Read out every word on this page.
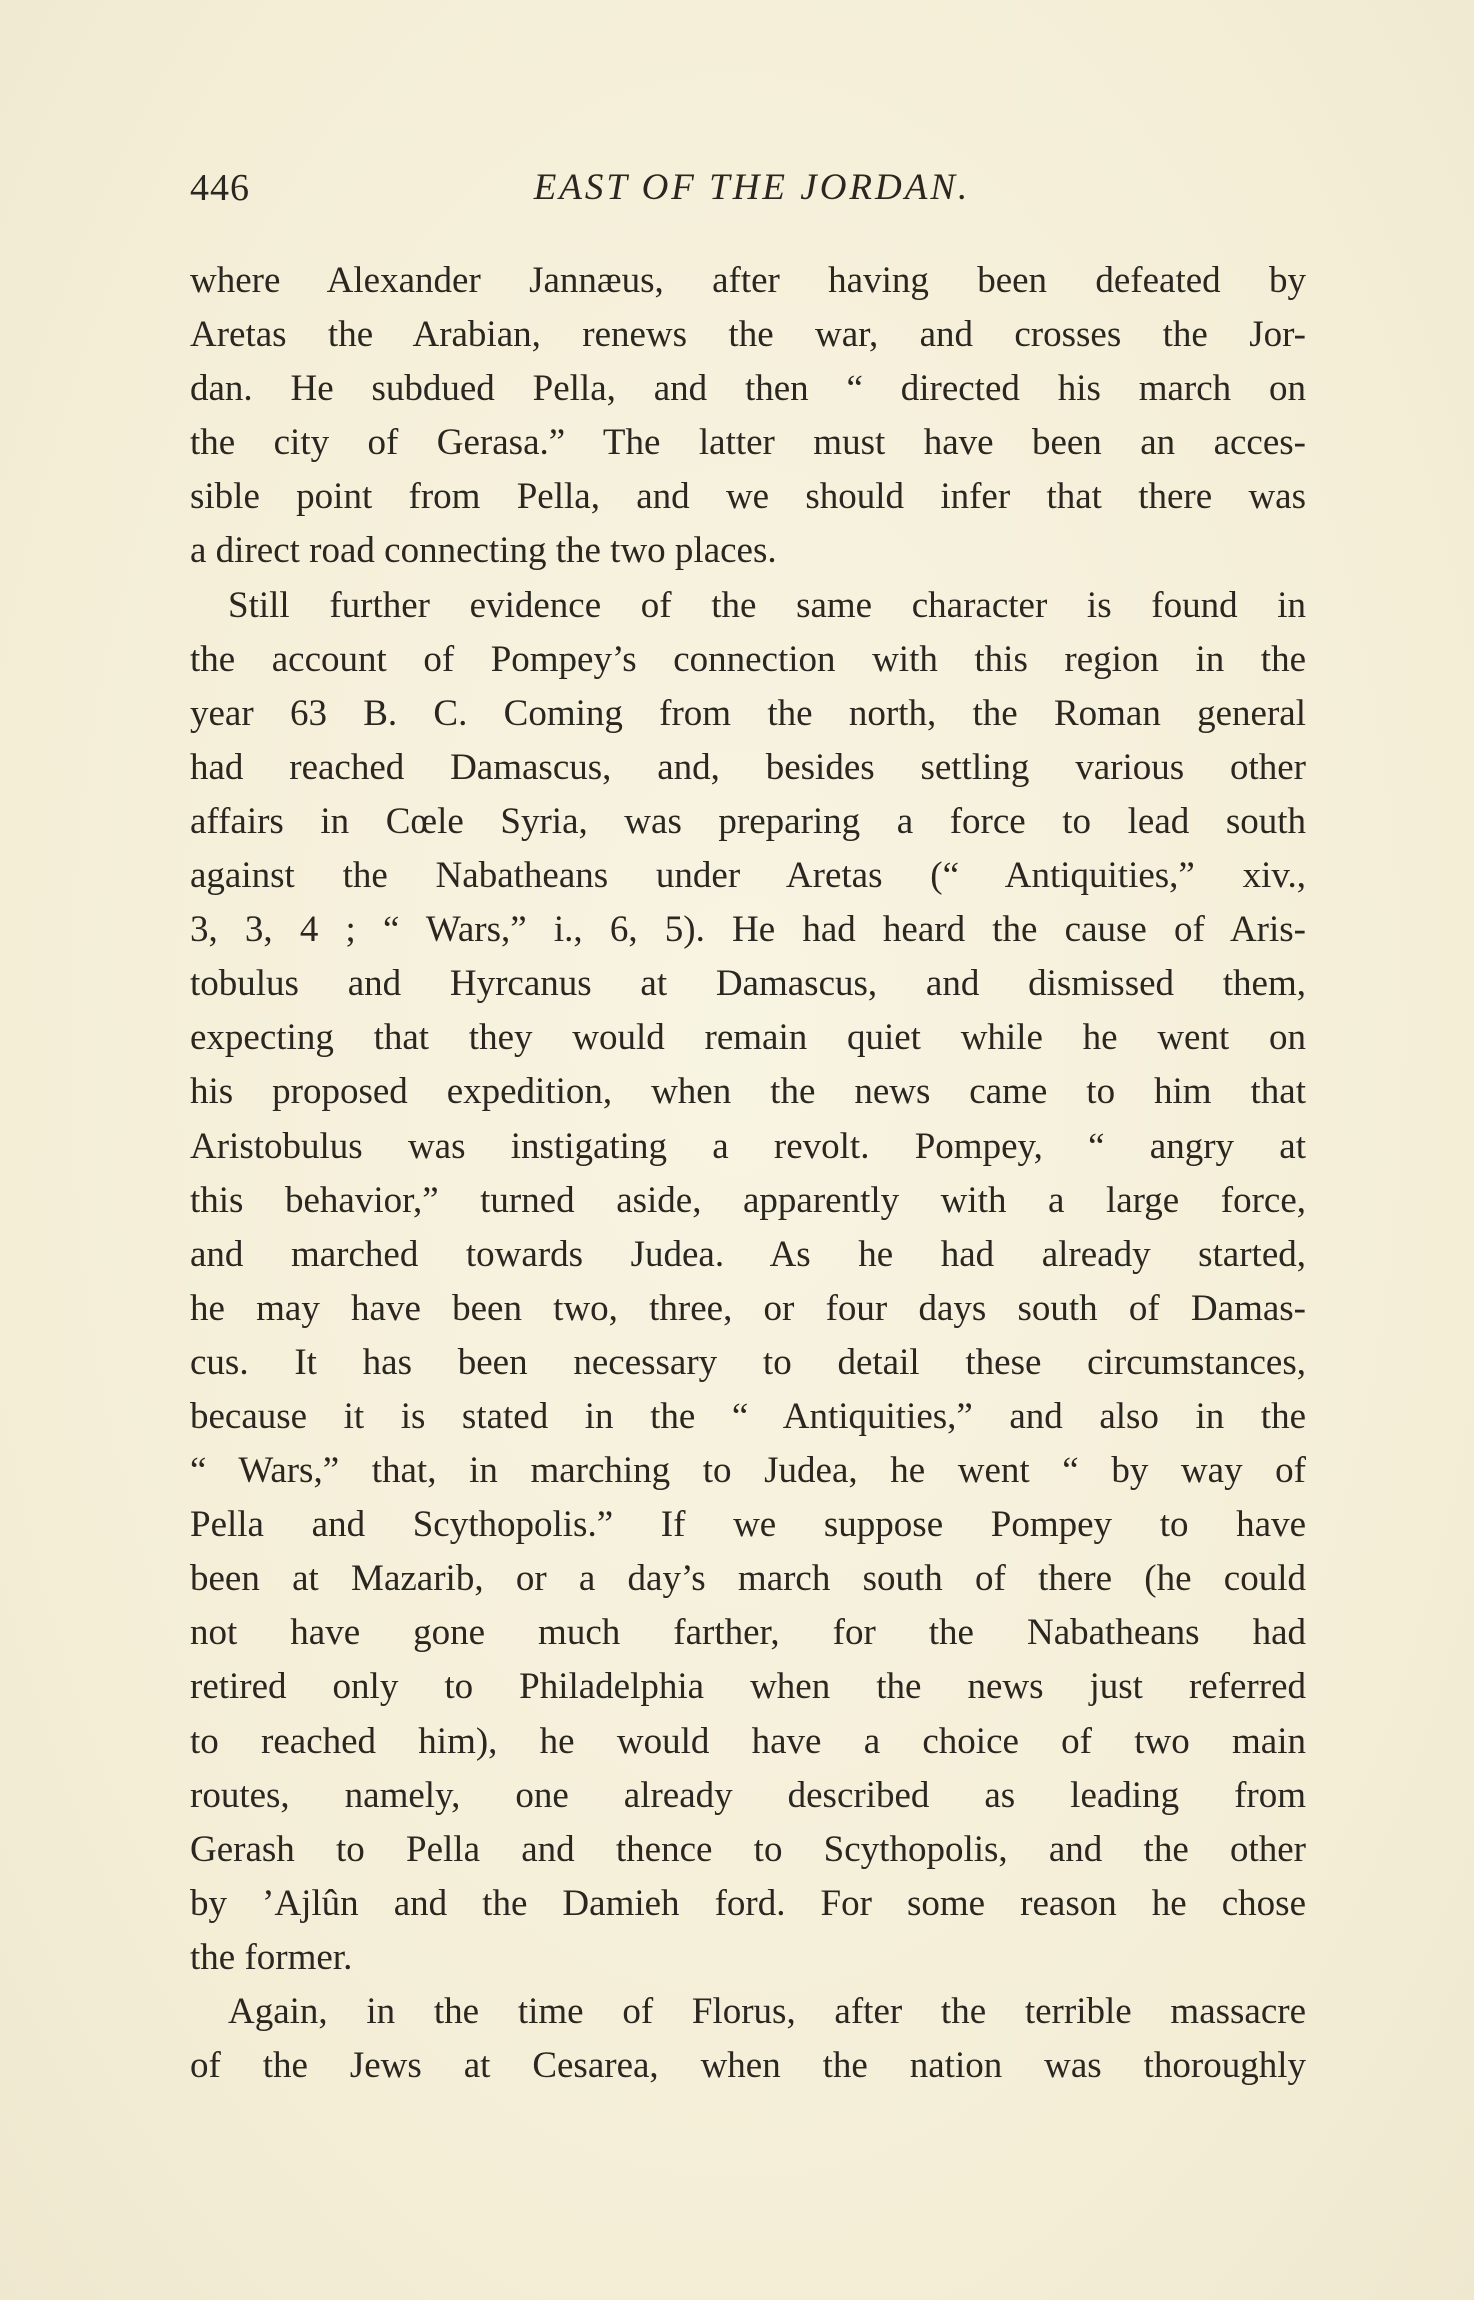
446	EAST OF THE JORDAN.
where Alexander Jannæus, after having been defeated by
Aretas the Arabian, renews the war, and crosses the Jor-
dan. He subdued Pella, and then “ directed his march on
the city of Gerasa.” The latter must have been an acces-
sible point from Pella, and we should infer that there was
a direct road connecting the two places.
Still further evidence of the same character is found in
the account of Pompey’s connection with this region in the
year 63 B. C. Coming from the north, the Roman general
had reached Damascus, and, besides settling various other
affairs in Cœle Syria, was preparing a force to lead south
against the Nabatheans under Aretas (“ Antiquities,” xiv.,
3, 3, 4 ; “ Wars,” i., 6, 5). He had heard the cause of Aris-
tobulus and Hyrcanus at Damascus, and dismissed them,
expecting that they would remain quiet while he went on
his proposed expedition, when the news came to him that
Aristobulus was instigating a revolt. Pompey, “ angry at
this behavior,” turned aside, apparently with a large force,
and marched towards Judea. As he had already started,
he may have been two, three, or four days south of Damas-
cus. It has been necessary to detail these circumstances,
because it is stated in the “ Antiquities,” and also in the
“ Wars,” that, in marching to Judea, he went “ by way of
Pella and Scythopolis.” If we suppose Pompey to have
been at Mazarib, or a day’s march south of there (he could
not have gone much farther, for the Nabatheans had
retired only to Philadelphia when the news just referred
to reached him), he would have a choice of two main
routes, namely, one already described as leading from
Gerash to Pella and thence to Scythopolis, and the other
by ’Ajlûn and the Damieh ford. For some reason he chose
the former.
Again, in the time of Florus, after the terrible massacre
of the Jews at Cesarea, when the nation was thoroughly
